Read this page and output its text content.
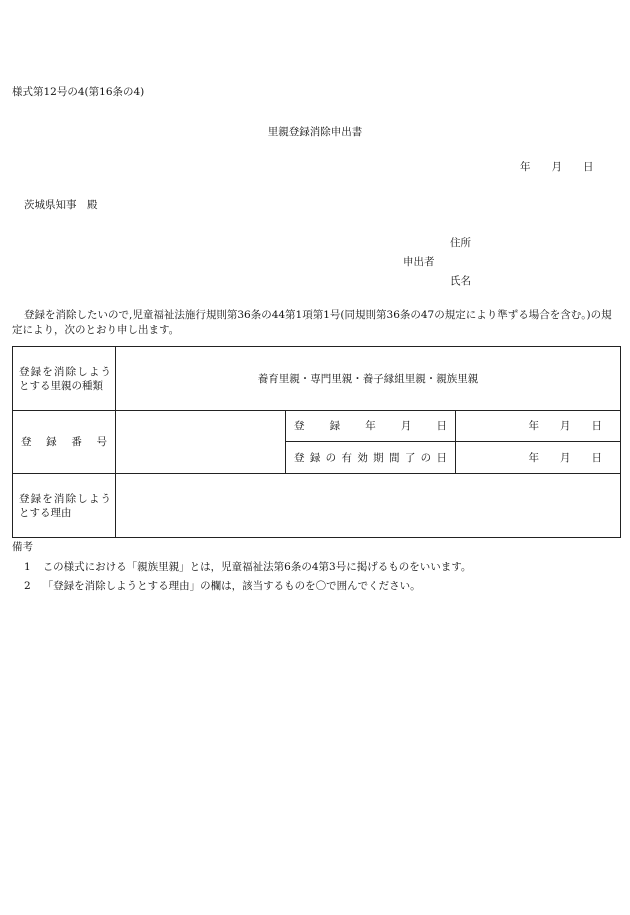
様式第12号の4(第16条の4)
里親登録消除申出書
年　　月　　日
茨城県知事　殿
住所
申出者
氏名
登録を消除したいので,児童福祉法施行規則第36条の44第1項第1号(同規則第36条の47の規定により準ずる場合を含む。)の規定により，次のとおり申し出ます。
登録を消除しようとする里親の種類	養育里親・専門里親・養子縁組里親・親族里親		
登　録　番　号		登　　録　　年　　月　　日	年　　月　　日
		登録の有効期間了の日	年　　月　　日
登録を消除しようとする理由			
備考
1 この様式における「親族里親」とは，児童福祉法第6条の4第3号に掲げるものをいいます。
2 「登録を消除しようとする理由」の欄は，該当するものを〇で囲んでください。
